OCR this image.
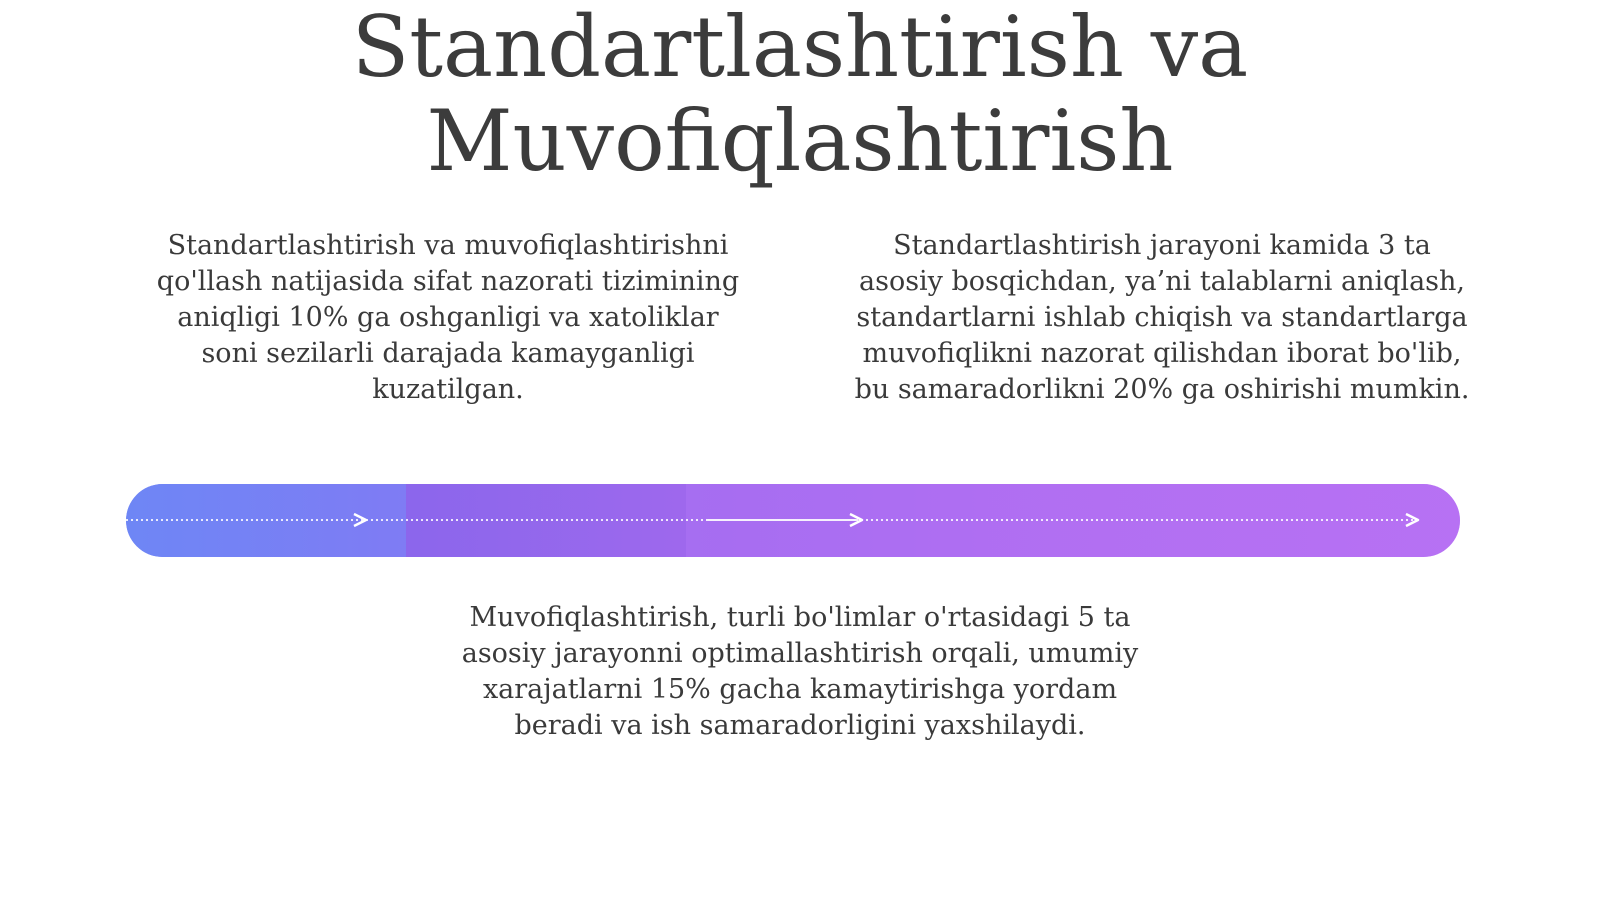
Standartlashtirish va
Muvofiqlashtirish

Standartlashtirish va muvofiqlashtirishni qo'llash natijasida sifat nazorati tizimining aniqligi 10% ga oshganligi va xatoliklar soni sezilarli darajada kamayganligi kuzatilgan.

Standartlashtirish jarayoni kamida 3 ta asosiy bosqichdan, ya’ni talablarni aniqlash, standartlarni ishlab chiqish va standartlarga muvofiqlikni nazorat qilishdan iborat bo'lib, bu samaradorlikni 20% ga oshirishi mumkin.

Muvofiqlashtirish, turli bo'limlar o'rtasidagi 5 ta asosiy jarayonni optimallashtirish orqali, umumiy xarajatlarni 15% gacha kamaytirishga yordam beradi va ish samaradorligini yaxshilaydi.
